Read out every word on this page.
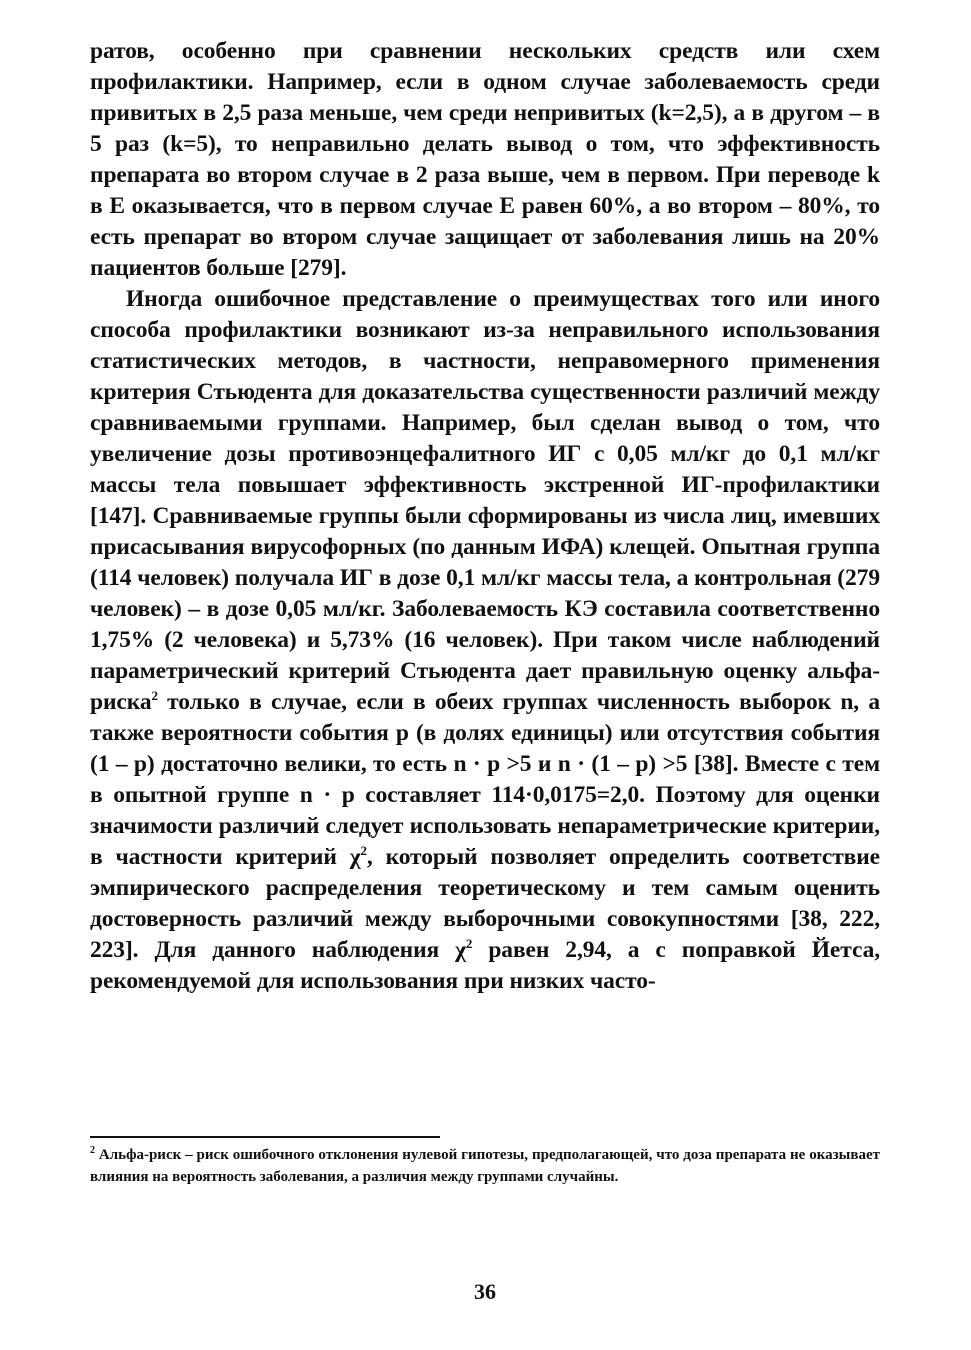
ратов, особенно при сравнении нескольких средств или схем профилактики. Например, если в одном случае заболеваемость среди привитых в 2,5 раза меньше, чем среди непривитых (k=2,5), а в другом – в 5 раз (k=5), то неправильно делать вывод о том, что эффективность препарата во втором случае в 2 раза выше, чем в первом. При переводе k в E оказывается, что в первом случае E равен 60%, а во втором – 80%, то есть препарат во втором случае защищает от заболевания лишь на 20% пациентов больше [279].

Иногда ошибочное представление о преимуществах того или иного способа профилактики возникают из-за неправильного использования статистических методов, в частности, неправомерного применения критерия Стьюдента для доказательства существенности различий между сравниваемыми группами. Например, был сделан вывод о том, что увеличение дозы противоэнцефалитного ИГ с 0,05 мл/кг до 0,1 мл/кг массы тела повышает эффективность экстренной ИГ-профилактики [147]. Сравниваемые группы были сформированы из числа лиц, имевших присасывания вирусофорных (по данным ИФА) клещей. Опытная группа (114 человек) получала ИГ в дозе 0,1 мл/кг массы тела, а контрольная (279 человек) – в дозе 0,05 мл/кг. Заболеваемость КЭ составила соответственно 1,75% (2 человека) и 5,73% (16 человек). При таком числе наблюдений параметрический критерий Стьюдента дает правильную оценку альфа-риска$^2$ только в случае, если в обеих группах численность выборок n, а также вероятности события p (в долях единицы) или отсутствия события (1 – p) достаточно велики, то есть n · p >5 и n · (1 – p) >5 [38]. Вместе с тем в опытной группе n · p составляет 114·0,0175=2,0. Поэтому для оценки значимости различий следует использовать непараметрические критерии, в частности критерий $\chi^2$, который позволяет определить соответствие эмпирического распределения теоретическому и тем самым оценить достоверность различий между выборочными совокупностями [38, 222, 223]. Для данного наблюдения $\chi^2$ равен 2,94, а с поправкой Йетса, рекомендуемой для использования при низких часто-

$^2$ Альфа-риск – риск ошибочного отклонения нулевой гипотезы, предполагающей, что доза препарата не оказывает влияния на вероятность заболевания, а различия между группами случайны.
36
